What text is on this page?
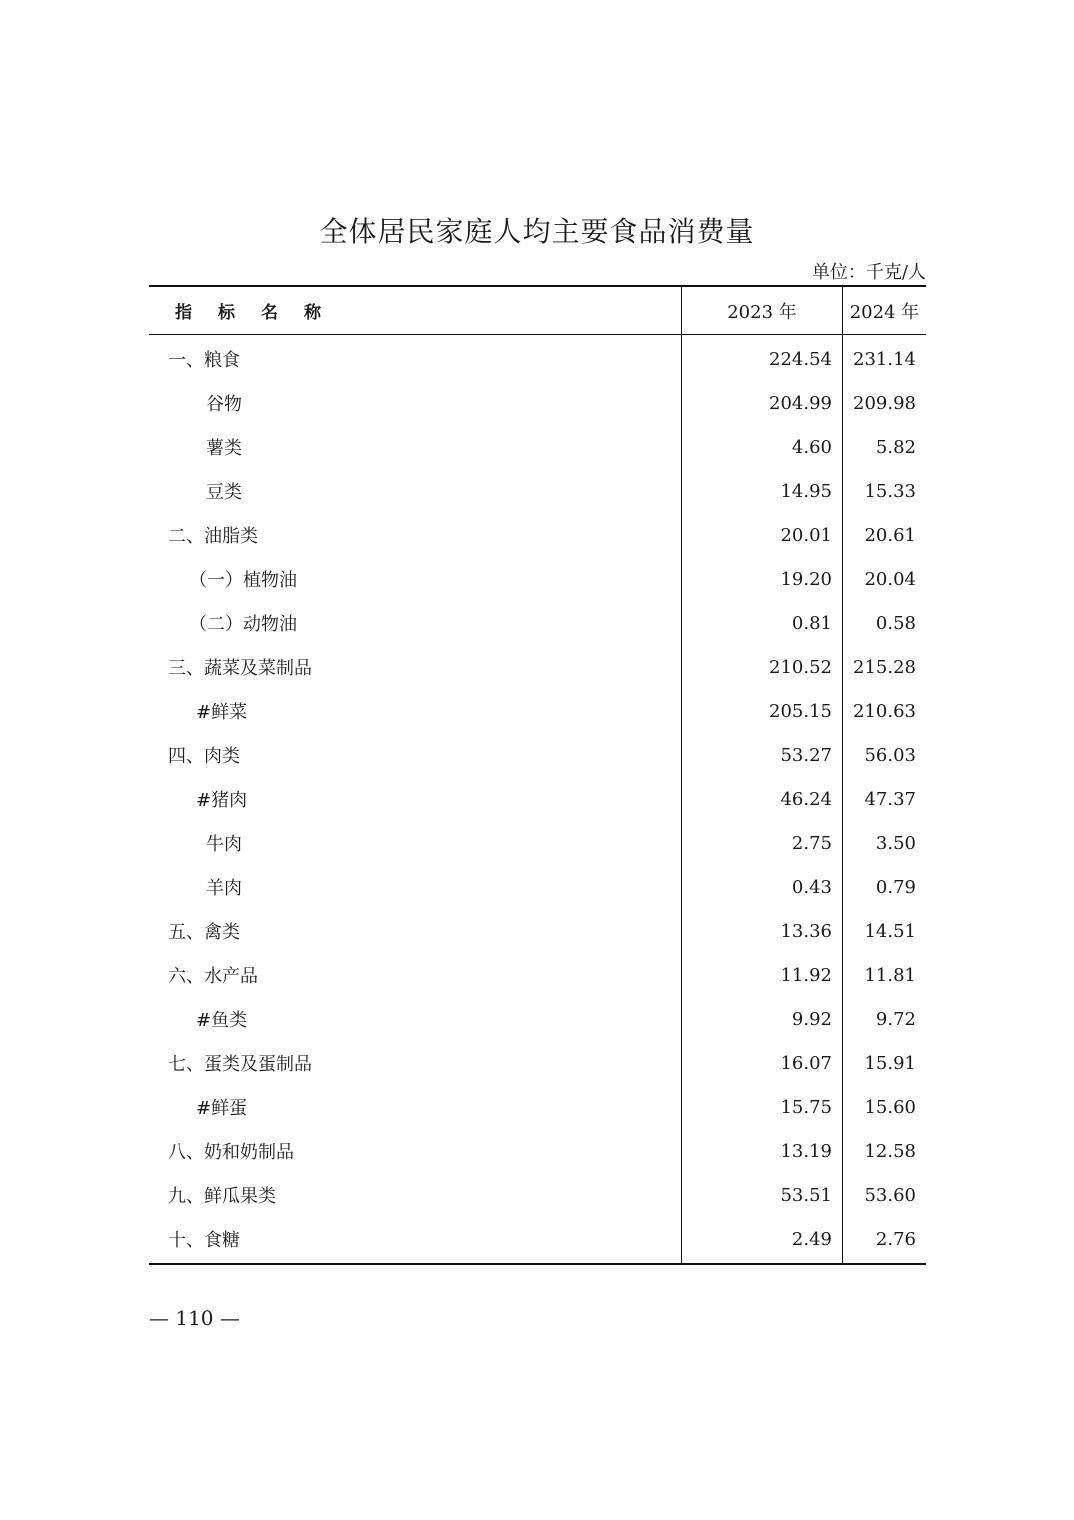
全体居民家庭人均主要食品消费量
单位：千克/人
指标名称	2023 年	2024 年
一、粮食	224.54	231.14
谷物	204.99	209.98
薯类	4.60	5.82
豆类	14.95	15.33
二、油脂类	20.01	20.61
（一）植物油	19.20	20.04
（二）动物油	0.81	0.58
三、蔬菜及菜制品	210.52	215.28
#鲜菜	205.15	210.63
四、肉类	53.27	56.03
#猪肉	46.24	47.37
牛肉	2.75	3.50
羊肉	0.43	0.79
五、禽类	13.36	14.51
六、水产品	11.92	11.81
#鱼类	9.92	9.72
七、蛋类及蛋制品	16.07	15.91
#鲜蛋	15.75	15.60
八、奶和奶制品	13.19	12.58
九、鲜瓜果类	53.51	53.60
十、食糖	2.49	2.76
— 110 —
